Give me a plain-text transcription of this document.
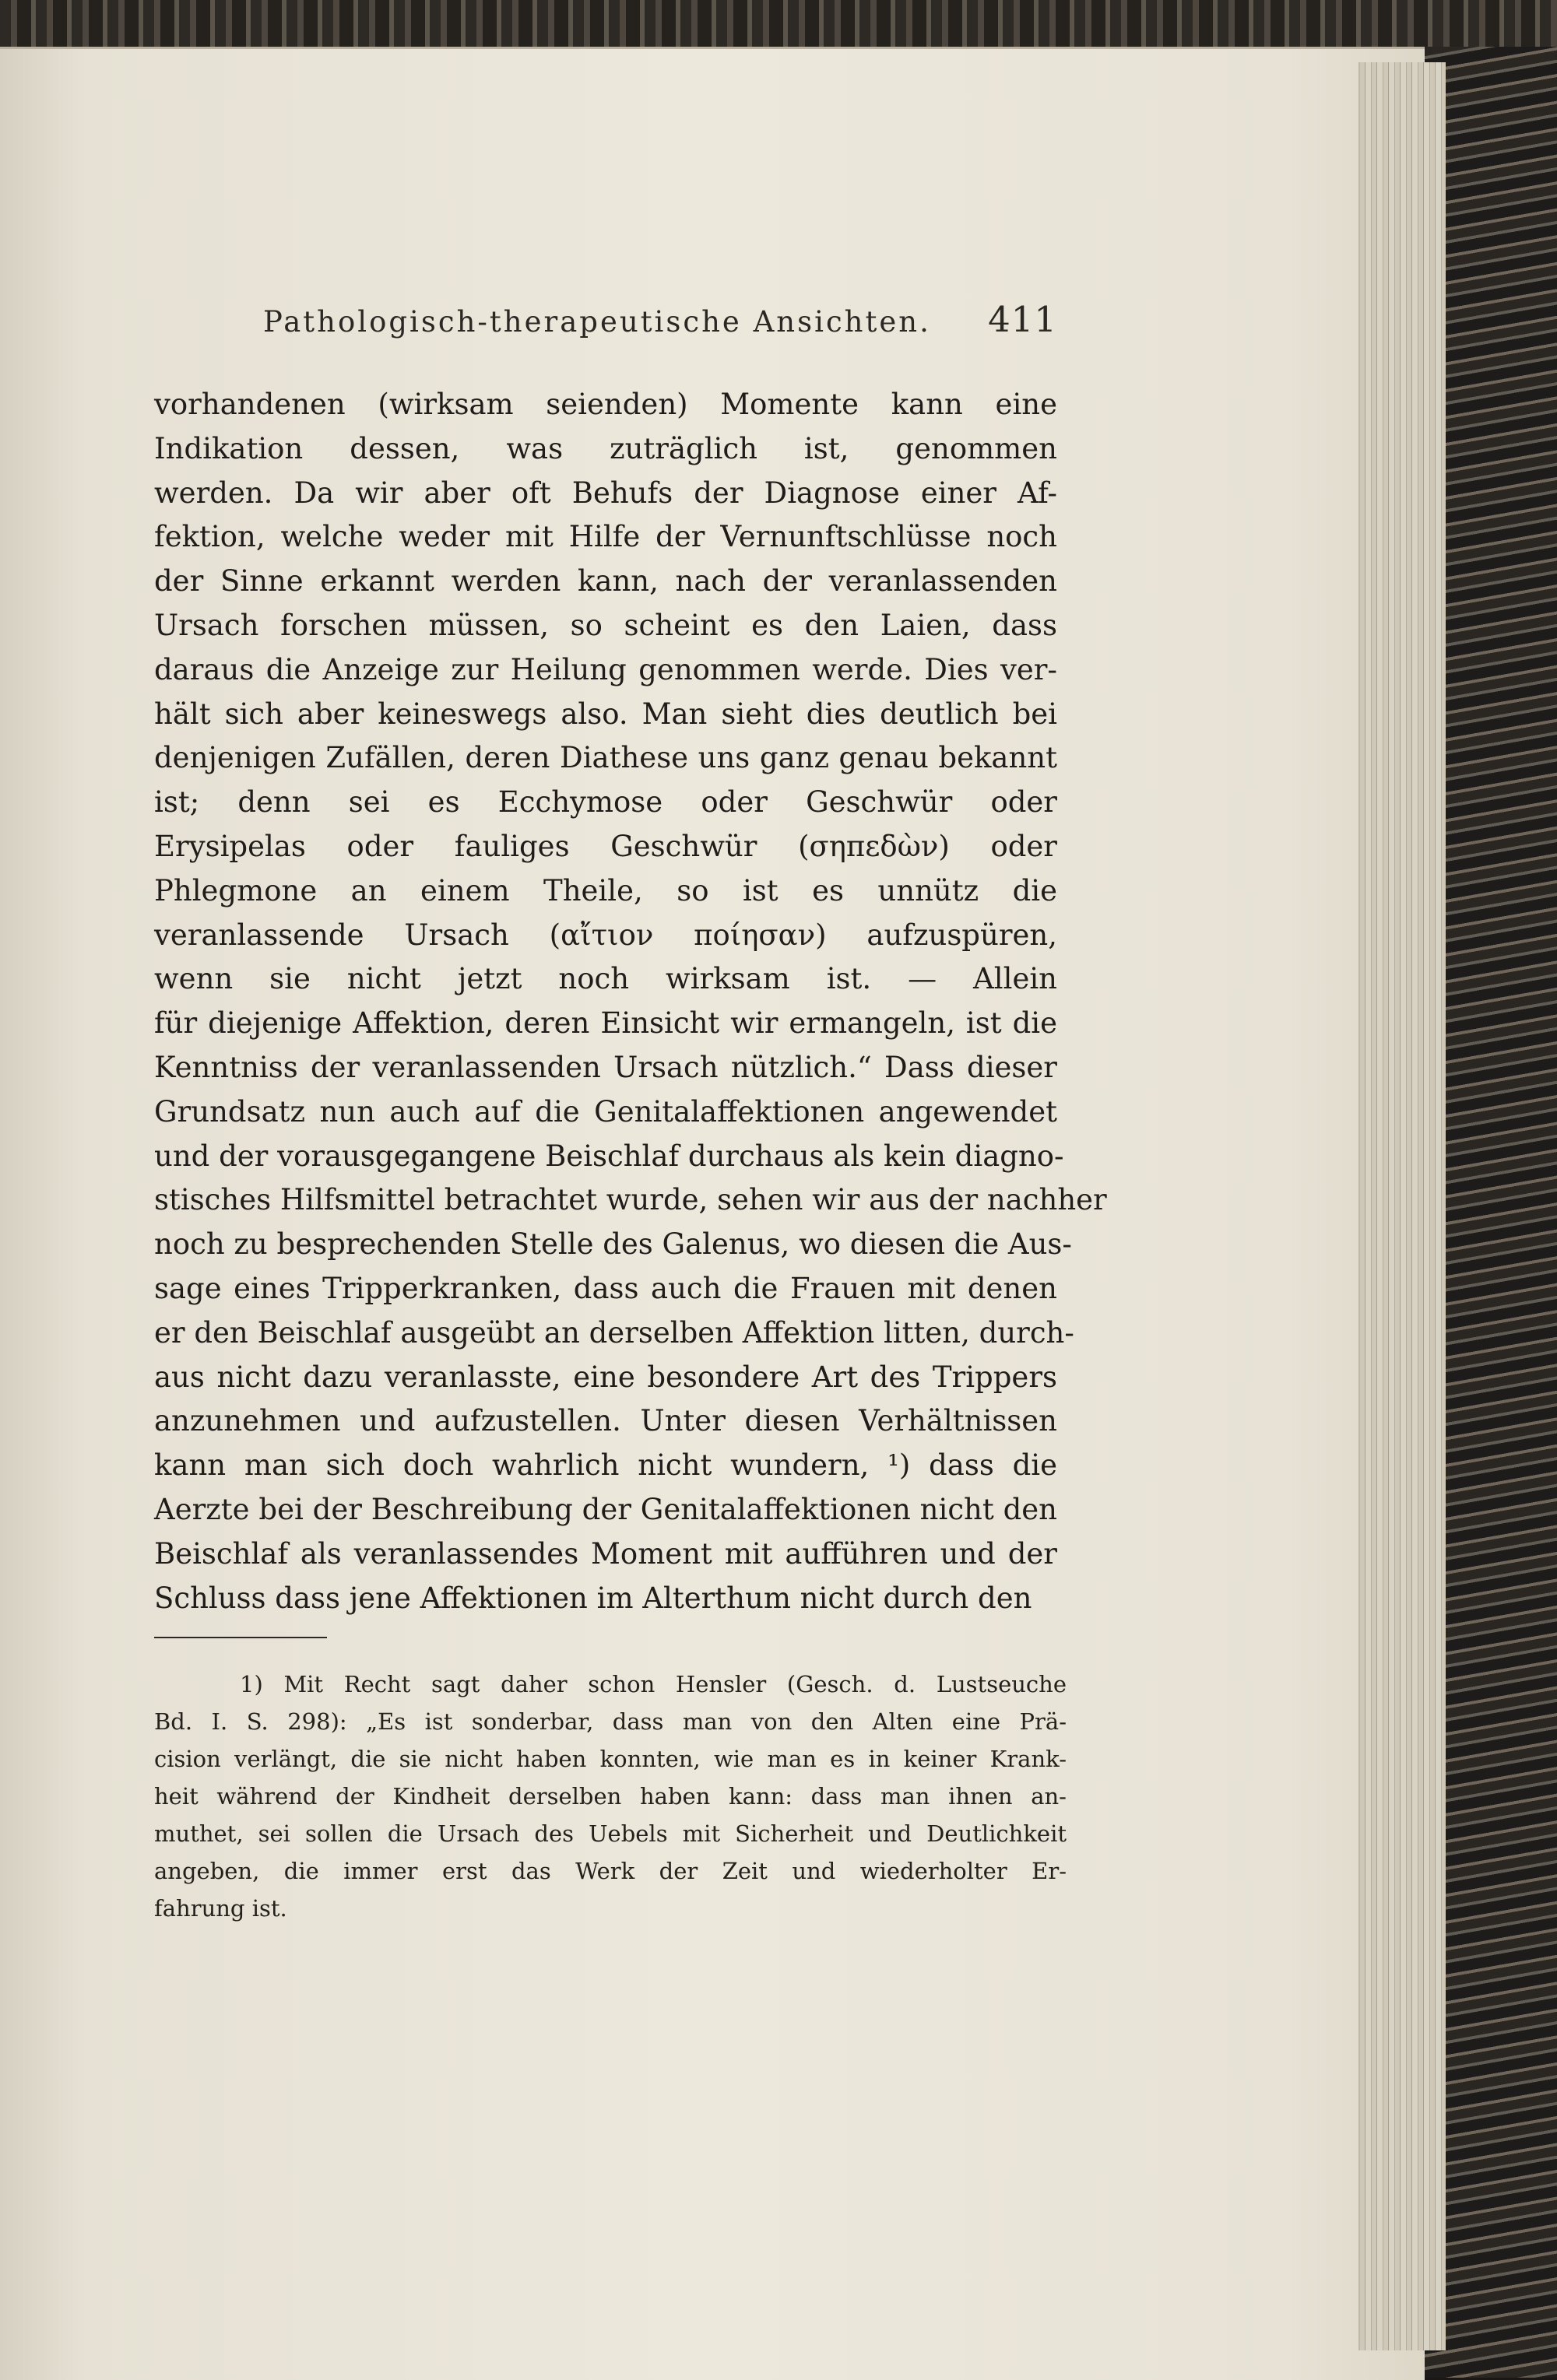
Pathologisch-therapeutische Ansichten. 411
vorhandenen (wirksam seienden) Momente kann eine
Indikation dessen, was zuträglich ist, genommen
werden. Da wir aber oft Behufs der Diagnose einer Af-
fektion, welche weder mit Hilfe der Vernunftschlüsse noch
der Sinne erkannt werden kann, nach der veranlassenden
Ursach forschen müssen, so scheint es den Laien, dass
daraus die Anzeige zur Heilung genommen werde. Dies ver-
hält sich aber keineswegs also. Man sieht dies deutlich bei
denjenigen Zufällen, deren Diathese uns ganz genau bekannt
ist; denn sei es Ecchymose oder Geschwür oder
Erysipelas oder fauliges Geschwür (σηπεδὼν) oder
Phlegmone an einem Theile, so ist es unnütz die
veranlassende Ursach (αἴτιον ποίησαν) aufzuspüren,
wenn sie nicht jetzt noch wirksam ist. — Allein
für diejenige Affektion, deren Einsicht wir ermangeln, ist die
Kenntniss der veranlassenden Ursach nützlich.“ Dass dieser
Grundsatz nun auch auf die Genitalaffektionen angewendet
und der vorausgegangene Beischlaf durchaus als kein diagno-
stisches Hilfsmittel betrachtet wurde, sehen wir aus der nachher
noch zu besprechenden Stelle des Galenus, wo diesen die Aus-
sage eines Tripperkranken, dass auch die Frauen mit denen
er den Beischlaf ausgeübt an derselben Affektion litten, durch-
aus nicht dazu veranlasste, eine besondere Art des Trippers
anzunehmen und aufzustellen. Unter diesen Verhältnissen
kann man sich doch wahrlich nicht wundern, ¹) dass die
Aerzte bei der Beschreibung der Genitalaffektionen nicht den
Beischlaf als veranlassendes Moment mit aufführen und der
Schluss dass jene Affektionen im Alterthum nicht durch den
1) Mit Recht sagt daher schon Hensler (Gesch. d. Lustseuche
Bd. I. S. 298): „Es ist sonderbar, dass man von den Alten eine Prä-
cision verlängt, die sie nicht haben konnten, wie man es in keiner Krank-
heit während der Kindheit derselben haben kann: dass man ihnen an-
muthet, sei sollen die Ursach des Uebels mit Sicherheit und Deutlichkeit
angeben, die immer erst das Werk der Zeit und wiederholter Er-
fahrung ist.
